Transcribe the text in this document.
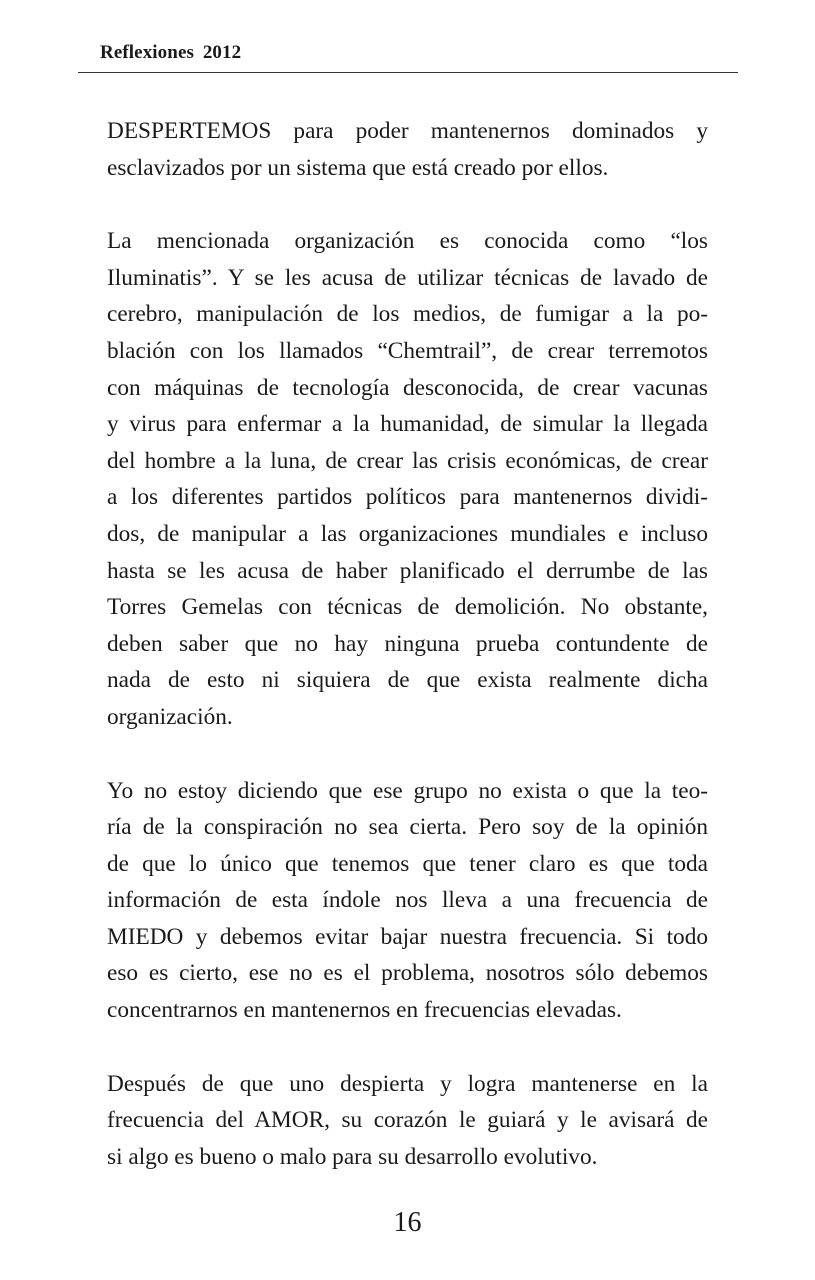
Reflexiones 2012

DESPERTEMOS para poder mantenernos dominados y
esclavizados por un sistema que está creado por ellos.

La mencionada organización es conocida como “los
Iluminatis”. Y se les acusa de utilizar técnicas de lavado de
cerebro, manipulación de los medios, de fumigar a la po-
blación con los llamados “Chemtrail”, de crear terremotos
con máquinas de tecnología desconocida, de crear vacunas
y virus para enfermar a la humanidad, de simular la llegada
del hombre a la luna, de crear las crisis económicas, de crear
a los diferentes partidos políticos para mantenernos dividi-
dos, de manipular a las organizaciones mundiales e incluso
hasta se les acusa de haber planificado el derrumbe de las
Torres Gemelas con técnicas de demolición. No obstante,
deben saber que no hay ninguna prueba contundente de
nada de esto ni siquiera de que exista realmente dicha
organización.

Yo no estoy diciendo que ese grupo no exista o que la teo-
ría de la conspiración no sea cierta. Pero soy de la opinión
de que lo único que tenemos que tener claro es que toda
información de esta índole nos lleva a una frecuencia de
MIEDO y debemos evitar bajar nuestra frecuencia. Si todo
eso es cierto, ese no es el problema, nosotros sólo debemos
concentrarnos en mantenernos en frecuencias elevadas.

Después de que uno despierta y logra mantenerse en la
frecuencia del AMOR, su corazón le guiará y le avisará de
si algo es bueno o malo para su desarrollo evolutivo.

16
